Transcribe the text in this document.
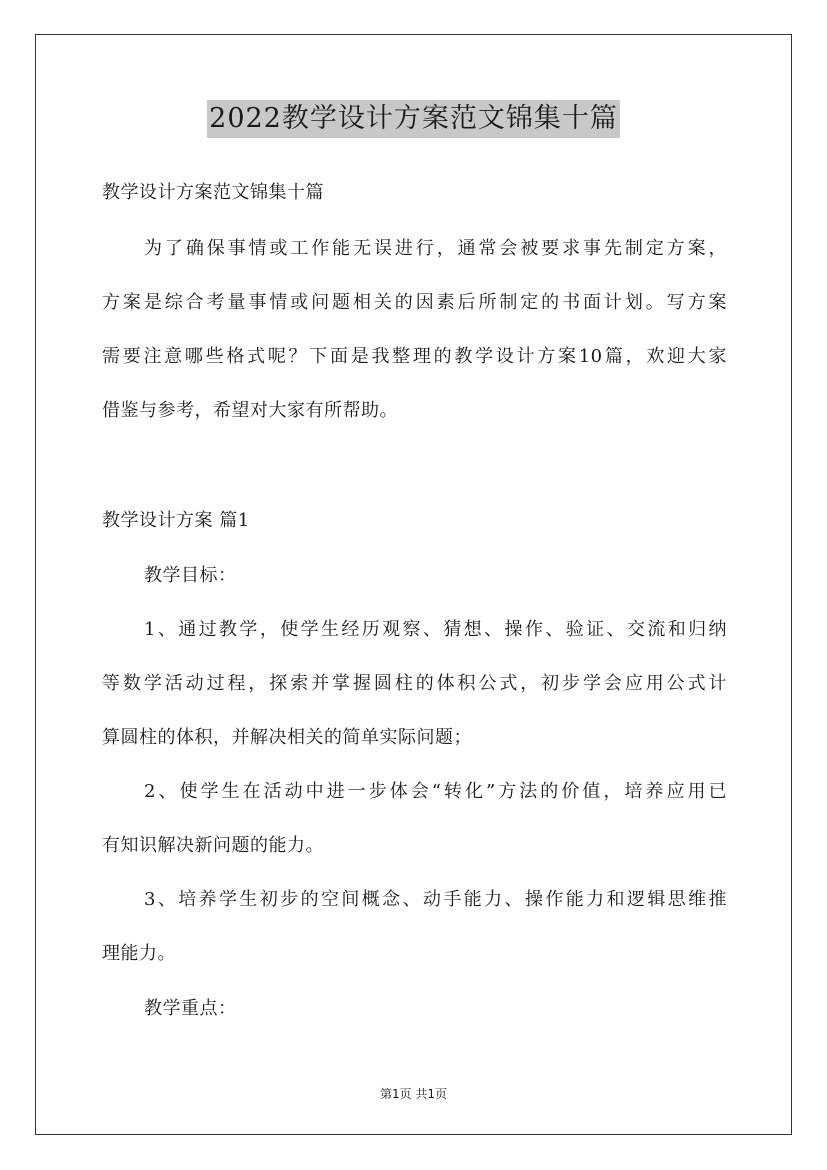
2022教学设计方案范文锦集十篇
教学设计方案范文锦集十篇
为了确保事情或工作能无误进行，通常会被要求事先制定方案，
方案是综合考量事情或问题相关的因素后所制定的书面计划。写方案
需要注意哪些格式呢？下面是我整理的教学设计方案10篇，欢迎大家
借鉴与参考，希望对大家有所帮助。
教学设计方案 篇1
教学目标：
1、通过教学，使学生经历观察、猜想、操作、验证、交流和归纳
等数学活动过程，探索并掌握圆柱的体积公式，初步学会应用公式计
算圆柱的体积，并解决相关的简单实际问题；
2、使学生在活动中进一步体会“转化”方法的价值，培养应用已
有知识解决新问题的能力。
3、培养学生初步的空间概念、动手能力、操作能力和逻辑思维推
理能力。
教学重点：
第1页 共1页
